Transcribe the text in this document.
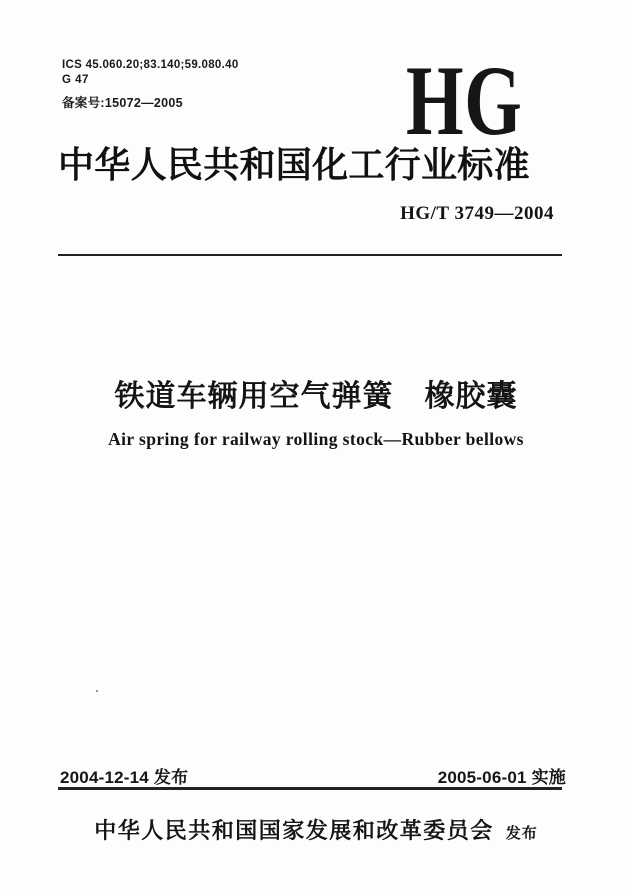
ICS 45.060.20;83.140;59.080.40
G 47
备案号:15072—2005	HG
中华人民共和国化工行业标准
HG/T 3749—2004
铁道车辆用空气弹簧　橡胶囊
Air spring for railway rolling stock—Rubber bellows
2004-12-14 发布	2005-06-01 实施
中华人民共和国国家发展和改革委员会 发布
